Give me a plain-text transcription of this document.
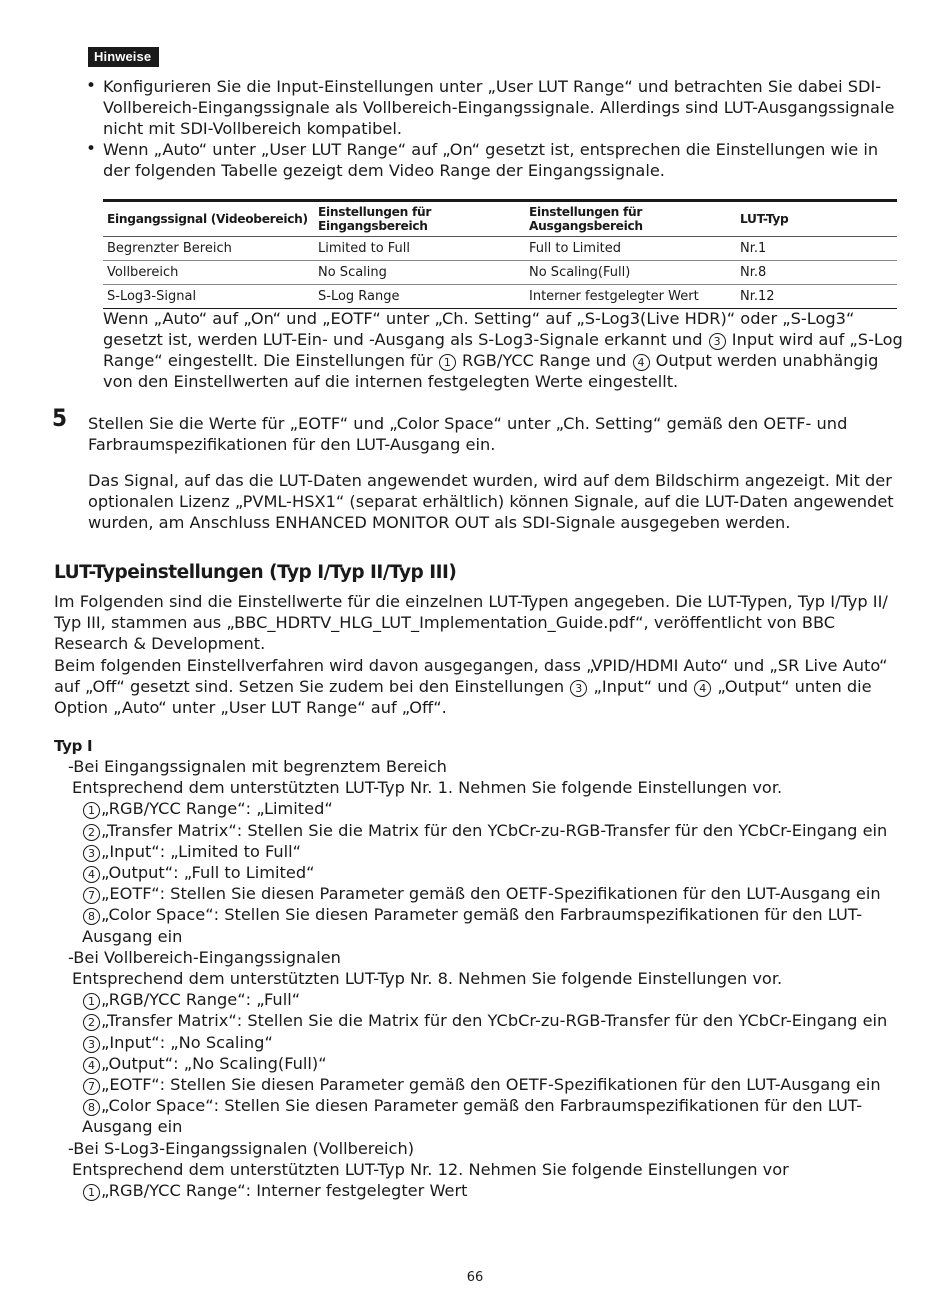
Hinweise
• Konfigurieren Sie die Input-Einstellungen unter „User LUT Range“ und betrachten Sie dabei SDI-Vollbereich-Eingangssignale als Vollbereich-Eingangssignale. Allerdings sind LUT-Ausgangssignale nicht mit SDI-Vollbereich kompatibel.
• Wenn „Auto“ unter „User LUT Range“ auf „On“ gesetzt ist, entsprechen die Einstellungen wie in der folgenden Tabelle gezeigt dem Video Range der Eingangssignale.
Eingangssignal (Videobereich)	Einstellungen für Eingangsbereich	Einstellungen für Ausgangsbereich	LUT-Typ
Begrenzter Bereich	Limited to Full	Full to Limited	Nr.1
Vollbereich	No Scaling	No Scaling(Full)	Nr.8
S-Log3-Signal	S-Log Range	Interner festgelegter Wert	Nr.12

Wenn „Auto“ auf „On“ und „EOTF“ unter „Ch. Setting“ auf „S-Log3(Live HDR)“ oder „S-Log3“ gesetzt ist, werden LUT-Ein- und -Ausgang als S-Log3-Signale erkannt und 3 Input wird auf „S-Log Range“ eingestellt. Die Einstellungen für 1 RGB/YCC Range und 4 Output werden unabhängig von den Einstellwerten auf die internen festgelegten Werte eingestellt.

5 Stellen Sie die Werte für „EOTF“ und „Color Space“ unter „Ch. Setting“ gemäß den OETF- und Farbraumspezifikationen für den LUT-Ausgang ein.

Das Signal, auf das die LUT-Daten angewendet wurden, wird auf dem Bildschirm angezeigt. Mit der optionalen Lizenz „PVML-HSX1“ (separat erhältlich) können Signale, auf die LUT-Daten angewendet wurden, am Anschluss ENHANCED MONITOR OUT als SDI-Signale ausgegeben werden.

LUT-Typeinstellungen (Typ I/Typ II/Typ III)

Im Folgenden sind die Einstellwerte für die einzelnen LUT-Typen angegeben. Die LUT-Typen, Typ I/Typ II/ Typ III, stammen aus „BBC_HDRTV_HLG_LUT_Implementation_Guide.pdf“, veröffentlicht von BBC Research & Development.

Beim folgenden Einstellverfahren wird davon ausgegangen, dass „VPID/HDMI Auto“ und „SR Live Auto“ auf „Off“ gesetzt sind. Setzen Sie zudem bei den Einstellungen 3 „Input“ und 4 „Output“ unten die Option „Auto“ unter „User LUT Range“ auf „Off“.

Typ I
-Bei Eingangssignalen mit begrenztem Bereich
Entsprechend dem unterstützten LUT-Typ Nr. 1. Nehmen Sie folgende Einstellungen vor.
1 „RGB/YCC Range“: „Limited“
2 „Transfer Matrix“: Stellen Sie die Matrix für den YCbCr-zu-RGB-Transfer für den YCbCr-Eingang ein
3 „Input“: „Limited to Full“
4 „Output“: „Full to Limited“
7 „EOTF“: Stellen Sie diesen Parameter gemäß den OETF-Spezifikationen für den LUT-Ausgang ein
8 „Color Space“: Stellen Sie diesen Parameter gemäß den Farbraumspezifikationen für den LUT-Ausgang ein
-Bei Vollbereich-Eingangssignalen
Entsprechend dem unterstützten LUT-Typ Nr. 8. Nehmen Sie folgende Einstellungen vor.
1 „RGB/YCC Range“: „Full“
2 „Transfer Matrix“: Stellen Sie die Matrix für den YCbCr-zu-RGB-Transfer für den YCbCr-Eingang ein
3 „Input“: „No Scaling“
4 „Output“: „No Scaling(Full)“
7 „EOTF“: Stellen Sie diesen Parameter gemäß den OETF-Spezifikationen für den LUT-Ausgang ein
8 „Color Space“: Stellen Sie diesen Parameter gemäß den Farbraumspezifikationen für den LUT-Ausgang ein
-Bei S-Log3-Eingangssignalen (Vollbereich)
Entsprechend dem unterstützten LUT-Typ Nr. 12. Nehmen Sie folgende Einstellungen vor
1 „RGB/YCC Range“: Interner festgelegter Wert
66
